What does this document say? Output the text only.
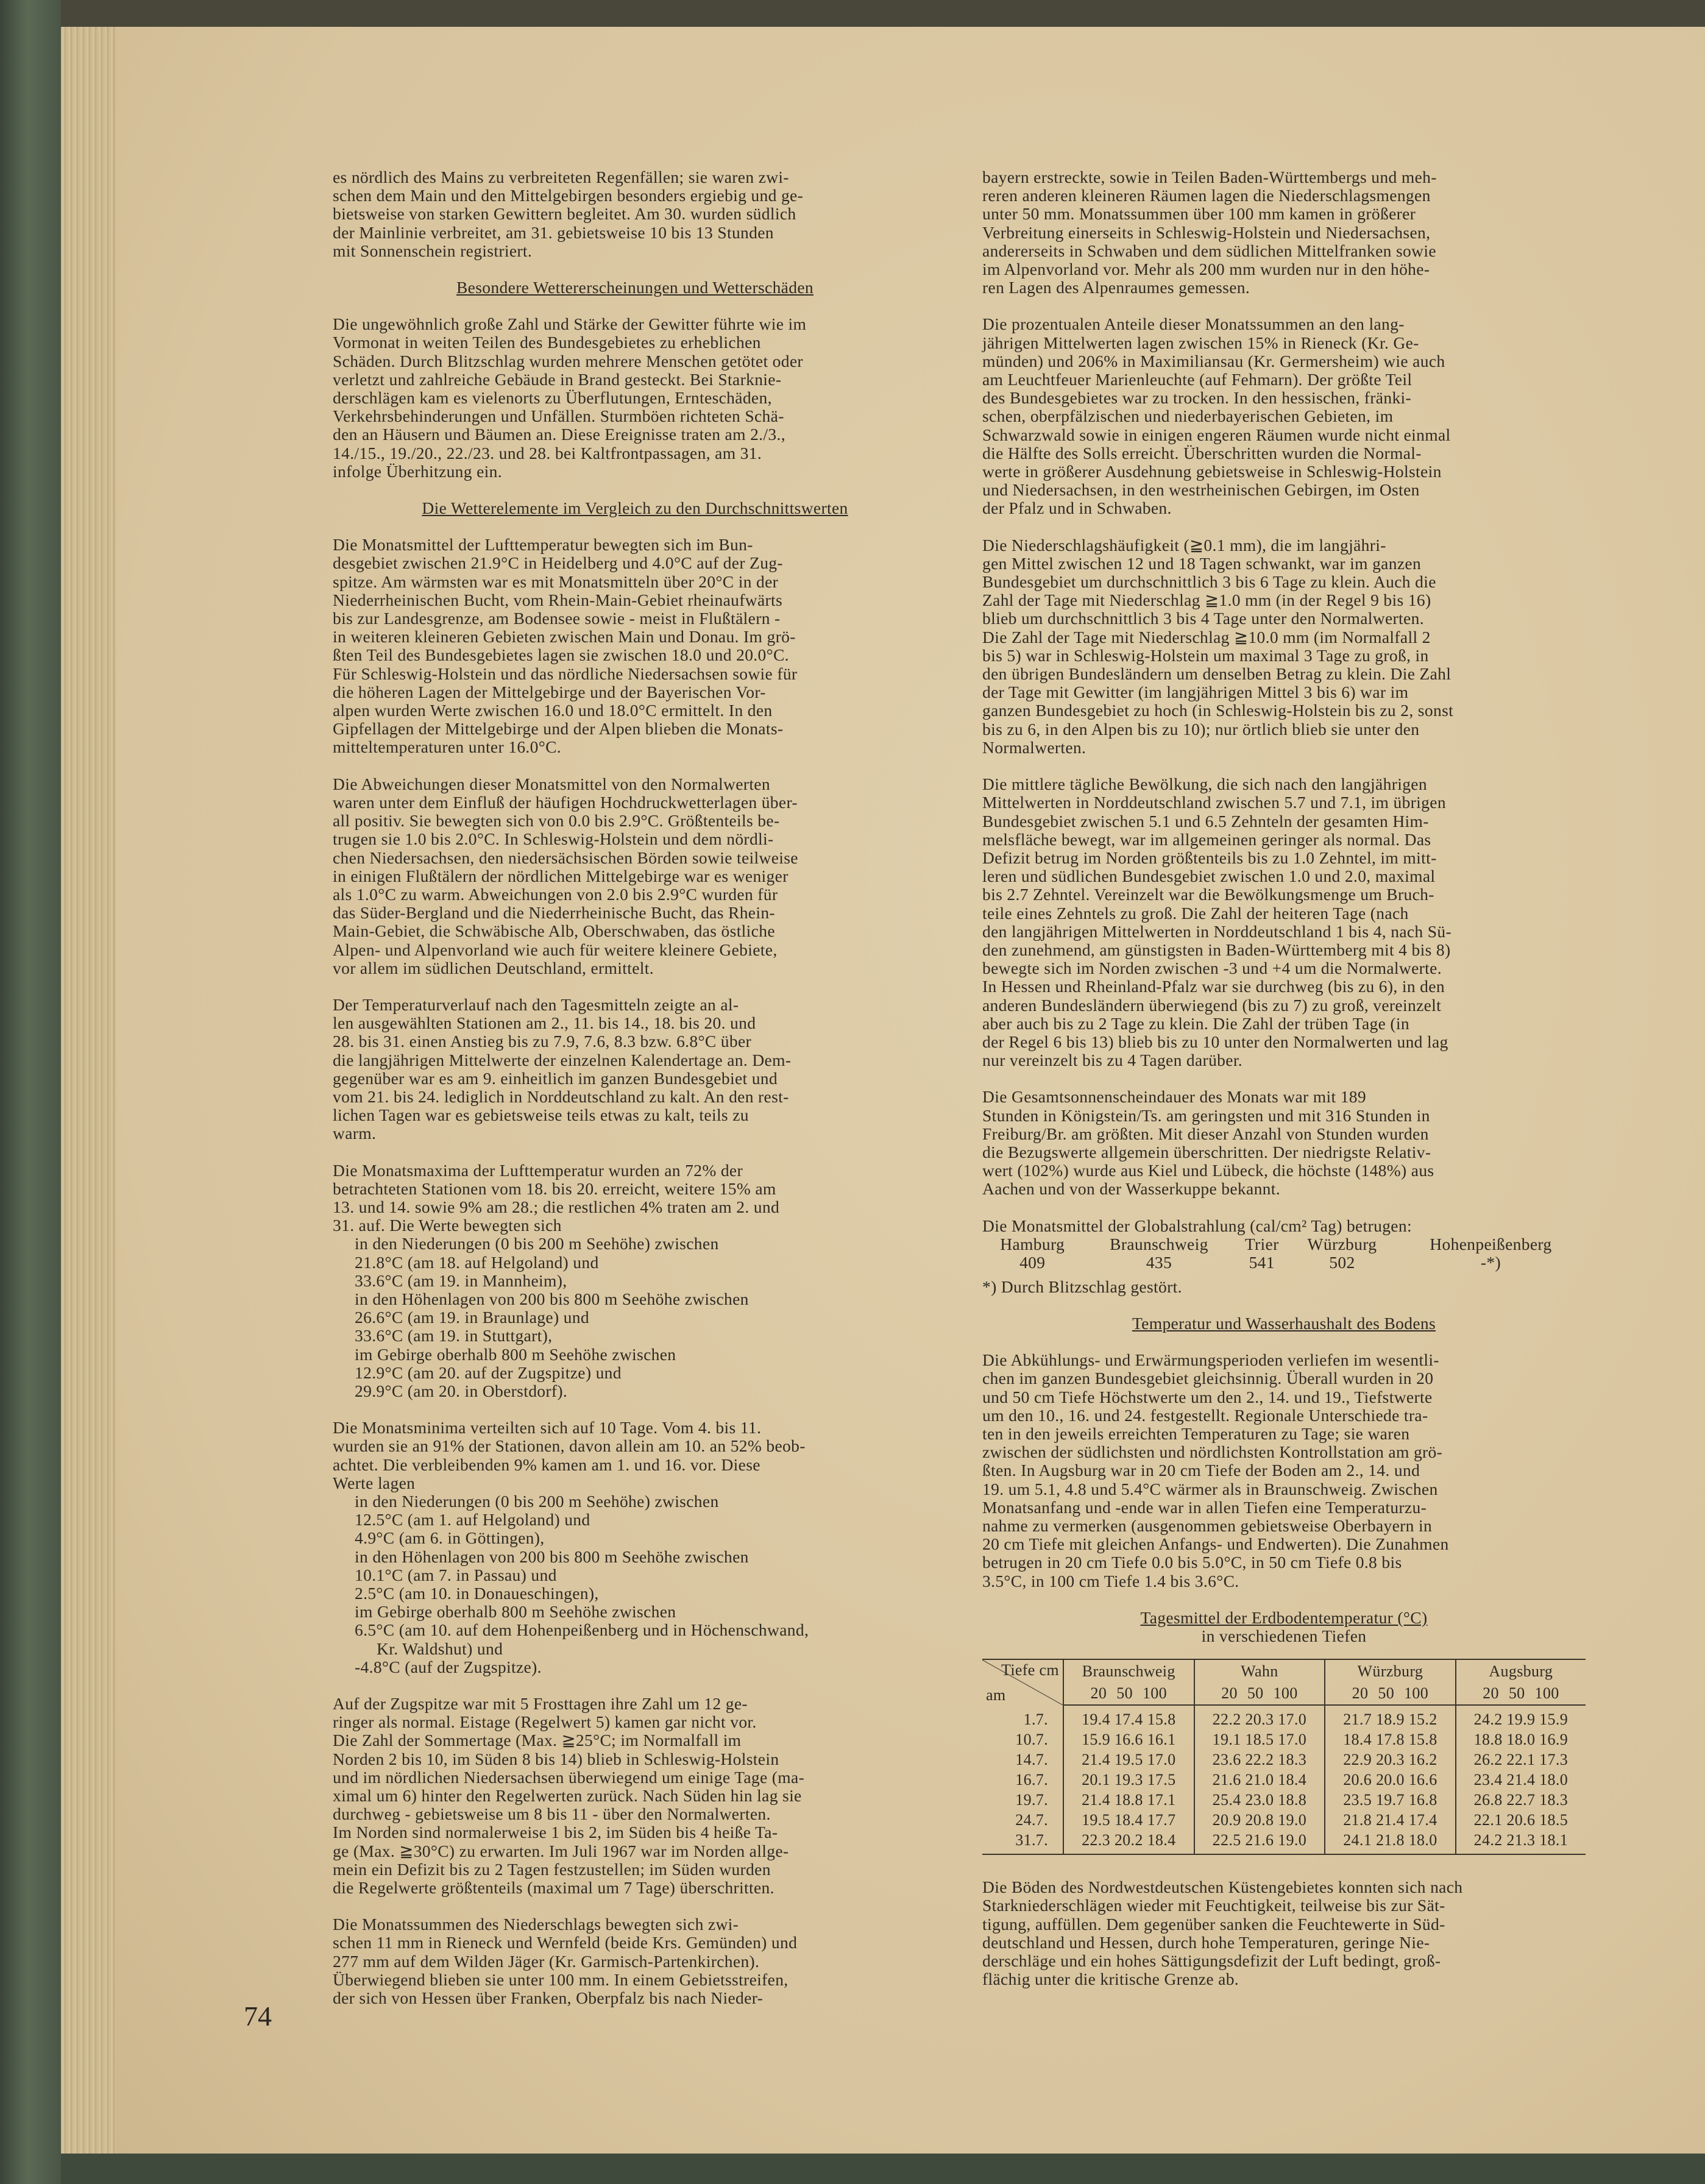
es nördlich des Mains zu verbreiteten Regenfällen; sie waren zwi-
schen dem Main und den Mittelgebirgen besonders ergiebig und ge-
bietsweise von starken Gewittern begleitet. Am 30. wurden südlich
der Mainlinie verbreitet, am 31. gebietsweise 10 bis 13 Stunden
mit Sonnenschein registriert.
Besondere Wettererscheinungen und Wetterschäden
Die ungewöhnlich große Zahl und Stärke der Gewitter führte wie im
Vormonat in weiten Teilen des Bundesgebietes zu erheblichen
Schäden. Durch Blitzschlag wurden mehrere Menschen getötet oder
verletzt und zahlreiche Gebäude in Brand gesteckt. Bei Starknie-
derschlägen kam es vielenorts zu Überflutungen, Ernteschäden,
Verkehrsbehinderungen und Unfällen. Sturmböen richteten Schä-
den an Häusern und Bäumen an. Diese Ereignisse traten am 2./3.,
14./15., 19./20., 22./23. und 28. bei Kaltfrontpassagen, am 31.
infolge Überhitzung ein.
Die Wetterelemente im Vergleich zu den Durchschnittswerten
Die Monatsmittel der Lufttemperatur bewegten sich im Bun-
desgebiet zwischen 21.9°C in Heidelberg und 4.0°C auf der Zug-
spitze. Am wärmsten war es mit Monatsmitteln über 20°C in der
Niederrheinischen Bucht, vom Rhein-Main-Gebiet rheinaufwärts
bis zur Landesgrenze, am Bodensee sowie - meist in Flußtälern -
in weiteren kleineren Gebieten zwischen Main und Donau. Im grö-
ßten Teil des Bundesgebietes lagen sie zwischen 18.0 und 20.0°C.
Für Schleswig-Holstein und das nördliche Niedersachsen sowie für
die höheren Lagen der Mittelgebirge und der Bayerischen Vor-
alpen wurden Werte zwischen 16.0 und 18.0°C ermittelt. In den
Gipfellagen der Mittelgebirge und der Alpen blieben die Monats-
mitteltemperaturen unter 16.0°C.
Die Abweichungen dieser Monatsmittel von den Normalwerten
waren unter dem Einfluß der häufigen Hochdruckwetterlagen über-
all positiv. Sie bewegten sich von 0.0 bis 2.9°C. Größtenteils be-
trugen sie 1.0 bis 2.0°C. In Schleswig-Holstein und dem nördli-
chen Niedersachsen, den niedersächsischen Börden sowie teilweise
in einigen Flußtälern der nördlichen Mittelgebirge war es weniger
als 1.0°C zu warm. Abweichungen von 2.0 bis 2.9°C wurden für
das Süder-Bergland und die Niederrheinische Bucht, das Rhein-
Main-Gebiet, die Schwäbische Alb, Oberschwaben, das östliche
Alpen- und Alpenvorland wie auch für weitere kleinere Gebiete,
vor allem im südlichen Deutschland, ermittelt.
Der Temperaturverlauf nach den Tagesmitteln zeigte an al-
len ausgewählten Stationen am 2., 11. bis 14., 18. bis 20. und
28. bis 31. einen Anstieg bis zu 7.9, 7.6, 8.3 bzw. 6.8°C über
die langjährigen Mittelwerte der einzelnen Kalendertage an. Dem-
gegenüber war es am 9. einheitlich im ganzen Bundesgebiet und
vom 21. bis 24. lediglich in Norddeutschland zu kalt. An den rest-
lichen Tagen war es gebietsweise teils etwas zu kalt, teils zu
warm.
Die Monatsmaxima der Lufttemperatur wurden an 72% der
betrachteten Stationen vom 18. bis 20. erreicht, weitere 15% am
13. und 14. sowie 9% am 28.; die restlichen 4% traten am 2. und
31. auf. Die Werte bewegten sich
in den Niederungen (0 bis 200 m Seehöhe) zwischen
21.8°C (am 18. auf Helgoland) und
33.6°C (am 19. in Mannheim),
in den Höhenlagen von 200 bis 800 m Seehöhe zwischen
26.6°C (am 19. in Braunlage) und
33.6°C (am 19. in Stuttgart),
im Gebirge oberhalb 800 m Seehöhe zwischen
12.9°C (am 20. auf der Zugspitze) und
29.9°C (am 20. in Oberstdorf).
Die Monatsminima verteilten sich auf 10 Tage. Vom 4. bis 11.
wurden sie an 91% der Stationen, davon allein am 10. an 52% beob-
achtet. Die verbleibenden 9% kamen am 1. und 16. vor. Diese
Werte lagen
in den Niederungen (0 bis 200 m Seehöhe) zwischen
12.5°C (am 1. auf Helgoland) und
4.9°C (am 6. in Göttingen),
in den Höhenlagen von 200 bis 800 m Seehöhe zwischen
10.1°C (am 7. in Passau) und
2.5°C (am 10. in Donaueschingen),
im Gebirge oberhalb 800 m Seehöhe zwischen
6.5°C (am 10. auf dem Hohenpeißenberg und in Höchenschwand,
Kr. Waldshut) und
-4.8°C (auf der Zugspitze).
Auf der Zugspitze war mit 5 Frosttagen ihre Zahl um 12 ge-
ringer als normal. Eistage (Regelwert 5) kamen gar nicht vor.
Die Zahl der Sommertage (Max. ≧25°C; im Normalfall im
Norden 2 bis 10, im Süden 8 bis 14) blieb in Schleswig-Holstein
und im nördlichen Niedersachsen überwiegend um einige Tage (ma-
ximal um 6) hinter den Regelwerten zurück. Nach Süden hin lag sie
durchweg - gebietsweise um 8 bis 11 - über den Normalwerten.
Im Norden sind normalerweise 1 bis 2, im Süden bis 4 heiße Ta-
ge (Max. ≧30°C) zu erwarten. Im Juli 1967 war im Norden allge-
mein ein Defizit bis zu 2 Tagen festzustellen; im Süden wurden
die Regelwerte größtenteils (maximal um 7 Tage) überschritten.
Die Monatssummen des Niederschlags bewegten sich zwi-
schen 11 mm in Rieneck und Wernfeld (beide Krs. Gemünden) und
277 mm auf dem Wilden Jäger (Kr. Garmisch-Partenkirchen).
Überwiegend blieben sie unter 100 mm. In einem Gebietsstreifen,
der sich von Hessen über Franken, Oberpfalz bis nach Nieder-
bayern erstreckte, sowie in Teilen Baden-Württembergs und meh-
reren anderen kleineren Räumen lagen die Niederschlagsmengen
unter 50 mm. Monatssummen über 100 mm kamen in größerer
Verbreitung einerseits in Schleswig-Holstein und Niedersachsen,
andererseits in Schwaben und dem südlichen Mittelfranken sowie
im Alpenvorland vor. Mehr als 200 mm wurden nur in den höhe-
ren Lagen des Alpenraumes gemessen.
Die prozentualen Anteile dieser Monatssummen an den lang-
jährigen Mittelwerten lagen zwischen 15% in Rieneck (Kr. Ge-
münden) und 206% in Maximiliansau (Kr. Germersheim) wie auch
am Leuchtfeuer Marienleuchte (auf Fehmarn). Der größte Teil
des Bundesgebietes war zu trocken. In den hessischen, fränki-
schen, oberpfälzischen und niederbayerischen Gebieten, im
Schwarzwald sowie in einigen engeren Räumen wurde nicht einmal
die Hälfte des Solls erreicht. Überschritten wurden die Normal-
werte in größerer Ausdehnung gebietsweise in Schleswig-Holstein
und Niedersachsen, in den westrheinischen Gebirgen, im Osten
der Pfalz und in Schwaben.
Die Niederschlagshäufigkeit (≧0.1 mm), die im langjähri-
gen Mittel zwischen 12 und 18 Tagen schwankt, war im ganzen
Bundesgebiet um durchschnittlich 3 bis 6 Tage zu klein. Auch die
Zahl der Tage mit Niederschlag ≧1.0 mm (in der Regel 9 bis 16)
blieb um durchschnittlich 3 bis 4 Tage unter den Normalwerten.
Die Zahl der Tage mit Niederschlag ≧10.0 mm (im Normalfall 2
bis 5) war in Schleswig-Holstein um maximal 3 Tage zu groß, in
den übrigen Bundesländern um denselben Betrag zu klein. Die Zahl
der Tage mit Gewitter (im langjährigen Mittel 3 bis 6) war im
ganzen Bundesgebiet zu hoch (in Schleswig-Holstein bis zu 2, sonst
bis zu 6, in den Alpen bis zu 10); nur örtlich blieb sie unter den
Normalwerten.
Die mittlere tägliche Bewölkung, die sich nach den langjährigen
Mittelwerten in Norddeutschland zwischen 5.7 und 7.1, im übrigen
Bundesgebiet zwischen 5.1 und 6.5 Zehnteln der gesamten Him-
melsfläche bewegt, war im allgemeinen geringer als normal. Das
Defizit betrug im Norden größtenteils bis zu 1.0 Zehntel, im mitt-
leren und südlichen Bundesgebiet zwischen 1.0 und 2.0, maximal
bis 2.7 Zehntel. Vereinzelt war die Bewölkungsmenge um Bruch-
teile eines Zehntels zu groß. Die Zahl der heiteren Tage (nach
den langjährigen Mittelwerten in Norddeutschland 1 bis 4, nach Sü-
den zunehmend, am günstigsten in Baden-Württemberg mit 4 bis 8)
bewegte sich im Norden zwischen -3 und +4 um die Normalwerte.
In Hessen und Rheinland-Pfalz war sie durchweg (bis zu 6), in den
anderen Bundesländern überwiegend (bis zu 7) zu groß, vereinzelt
aber auch bis zu 2 Tage zu klein. Die Zahl der trüben Tage (in
der Regel 6 bis 13) blieb bis zu 10 unter den Normalwerten und lag
nur vereinzelt bis zu 4 Tagen darüber.
Die Gesamtsonnenscheindauer des Monats war mit 189
Stunden in Königstein/Ts. am geringsten und mit 316 Stunden in
Freiburg/Br. am größten. Mit dieser Anzahl von Stunden wurden
die Bezugswerte allgemein überschritten. Der niedrigste Relativ-
wert (102%) wurde aus Kiel und Lübeck, die höchste (148%) aus
Aachen und von der Wasserkuppe bekannt.
Die Monatsmittel der Globalstrahlung (cal/cm² Tag) betrugen:
Hamburg	Braunschweig	Trier	Würzburg	Hohenpeißenberg
409	435	541	502	-*)
*) Durch Blitzschlag gestört.
Temperatur und Wasserhaushalt des Bodens
Die Abkühlungs- und Erwärmungsperioden verliefen im wesentli-
chen im ganzen Bundesgebiet gleichsinnig. Überall wurden in 20
und 50 cm Tiefe Höchstwerte um den 2., 14. und 19., Tiefstwerte
um den 10., 16. und 24. festgestellt. Regionale Unterschiede tra-
ten in den jeweils erreichten Temperaturen zu Tage; sie waren
zwischen der südlichsten und nördlichsten Kontrollstation am grö-
ßten. In Augsburg war in 20 cm Tiefe der Boden am 2., 14. und
19. um 5.1, 4.8 und 5.4°C wärmer als in Braunschweig. Zwischen
Monatsanfang und -ende war in allen Tiefen eine Temperaturzu-
nahme zu vermerken (ausgenommen gebietsweise Oberbayern in
20 cm Tiefe mit gleichen Anfangs- und Endwerten). Die Zunahmen
betrugen in 20 cm Tiefe 0.0 bis 5.0°C, in 50 cm Tiefe 0.8 bis
3.5°C, in 100 cm Tiefe 1.4 bis 3.6°C.
Tagesmittel der Erdbodentemperatur (°C)
in verschiedenen Tiefen
Tiefe cm
am	Braunschweig	Wahn	Würzburg	Augsburg
	20 50 100	20 50 100	20 50 100	20 50 100
1.7.	19.4 17.4 15.8	22.2 20.3 17.0	21.7 18.9 15.2	24.2 19.9 15.9
10.7.	15.9 16.6 16.1	19.1 18.5 17.0	18.4 17.8 15.8	18.8 18.0 16.9
14.7.	21.4 19.5 17.0	23.6 22.2 18.3	22.9 20.3 16.2	26.2 22.1 17.3
16.7.	20.1 19.3 17.5	21.6 21.0 18.4	20.6 20.0 16.6	23.4 21.4 18.0
19.7.	21.4 18.8 17.1	25.4 23.0 18.8	23.5 19.7 16.8	26.8 22.7 18.3
24.7.	19.5 18.4 17.7	20.9 20.8 19.0	21.8 21.4 17.4	22.1 20.6 18.5
31.7.	22.3 20.2 18.4	22.5 21.6 19.0	24.1 21.8 18.0	24.2 21.3 18.1
Die Böden des Nordwestdeutschen Küstengebietes konnten sich nach
Starkniederschlägen wieder mit Feuchtigkeit, teilweise bis zur Sät-
tigung, auffüllen. Dem gegenüber sanken die Feuchtewerte in Süd-
deutschland und Hessen, durch hohe Temperaturen, geringe Nie-
derschläge und ein hohes Sättigungsdefizit der Luft bedingt, groß-
flächig unter die kritische Grenze ab.
74
